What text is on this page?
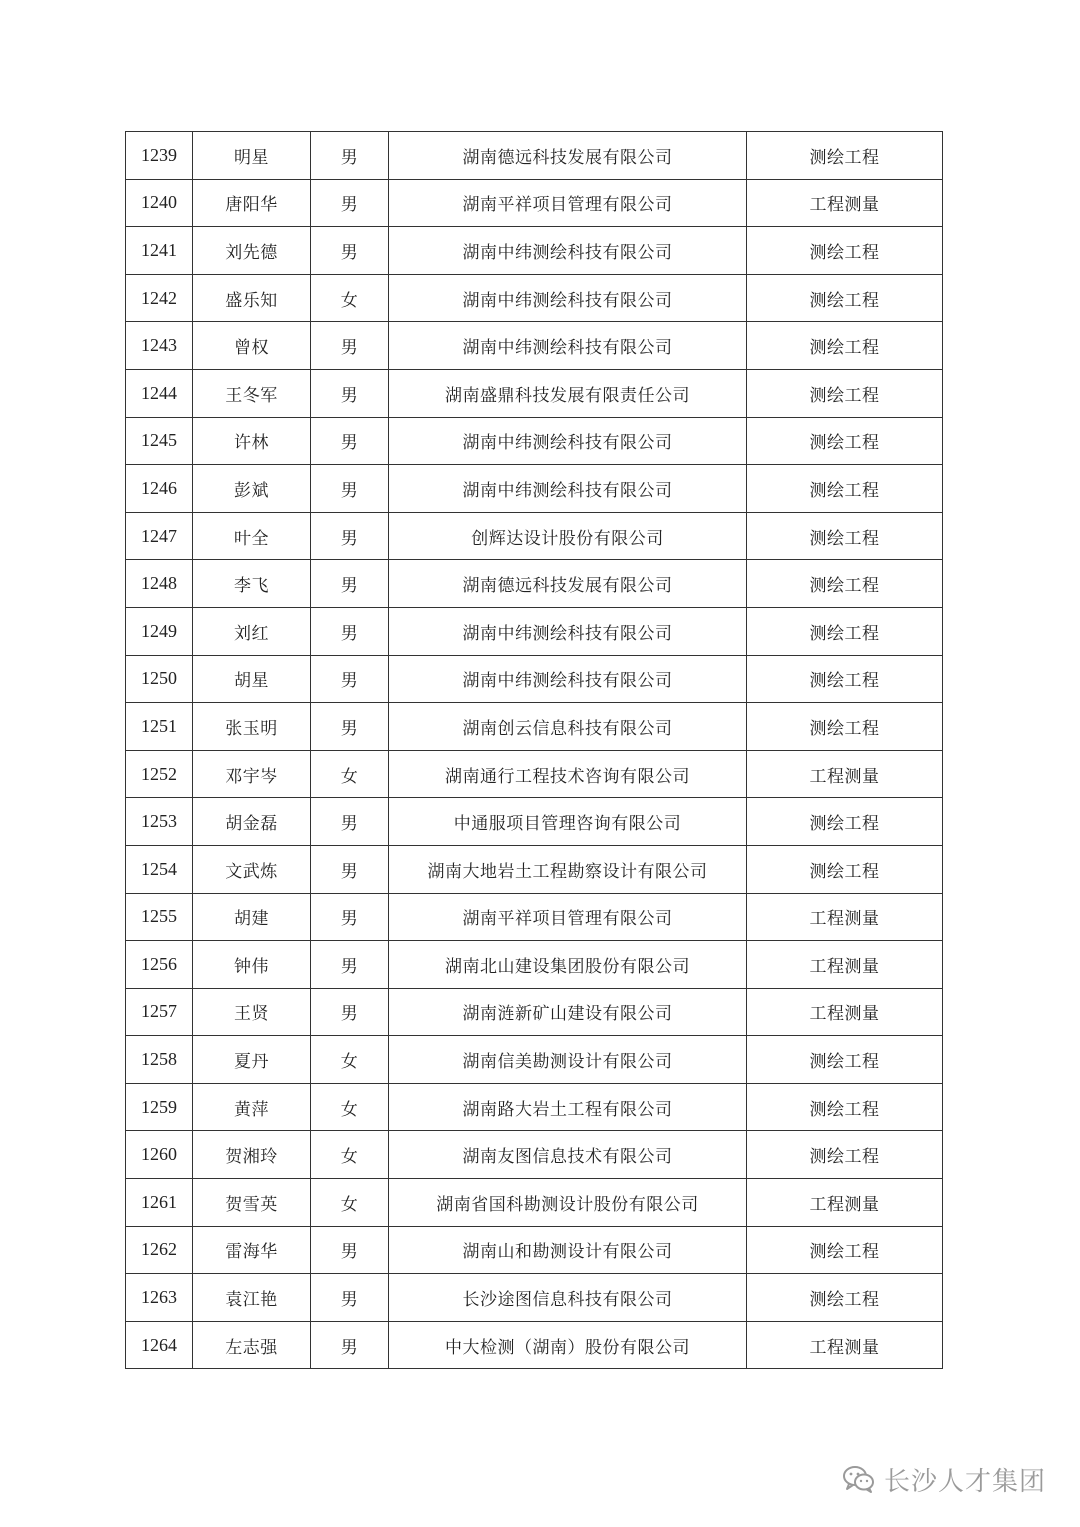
1239	明星	男	湖南德远科技发展有限公司	测绘工程
1240	唐阳华	男	湖南平祥项目管理有限公司	工程测量
1241	刘先德	男	湖南中纬测绘科技有限公司	测绘工程
1242	盛乐知	女	湖南中纬测绘科技有限公司	测绘工程
1243	曾权	男	湖南中纬测绘科技有限公司	测绘工程
1244	王冬军	男	湖南盛鼎科技发展有限责任公司	测绘工程
1245	许林	男	湖南中纬测绘科技有限公司	测绘工程
1246	彭斌	男	湖南中纬测绘科技有限公司	测绘工程
1247	叶全	男	创辉达设计股份有限公司	测绘工程
1248	李飞	男	湖南德远科技发展有限公司	测绘工程
1249	刘红	男	湖南中纬测绘科技有限公司	测绘工程
1250	胡星	男	湖南中纬测绘科技有限公司	测绘工程
1251	张玉明	男	湖南创云信息科技有限公司	测绘工程
1252	邓宇岑	女	湖南通行工程技术咨询有限公司	工程测量
1253	胡金磊	男	中通服项目管理咨询有限公司	测绘工程
1254	文武炼	男	湖南大地岩土工程勘察设计有限公司	测绘工程
1255	胡建	男	湖南平祥项目管理有限公司	工程测量
1256	钟伟	男	湖南北山建设集团股份有限公司	工程测量
1257	王贤	男	湖南涟新矿山建设有限公司	工程测量
1258	夏丹	女	湖南信美勘测设计有限公司	测绘工程
1259	黄萍	女	湖南路大岩土工程有限公司	测绘工程
1260	贺湘玲	女	湖南友图信息技术有限公司	测绘工程
1261	贺雪英	女	湖南省国科勘测设计股份有限公司	工程测量
1262	雷海华	男	湖南山和勘测设计有限公司	测绘工程
1263	袁江艳	男	长沙途图信息科技有限公司	测绘工程
1264	左志强	男	中大检测（湖南）股份有限公司	工程测量
长沙人才集团
